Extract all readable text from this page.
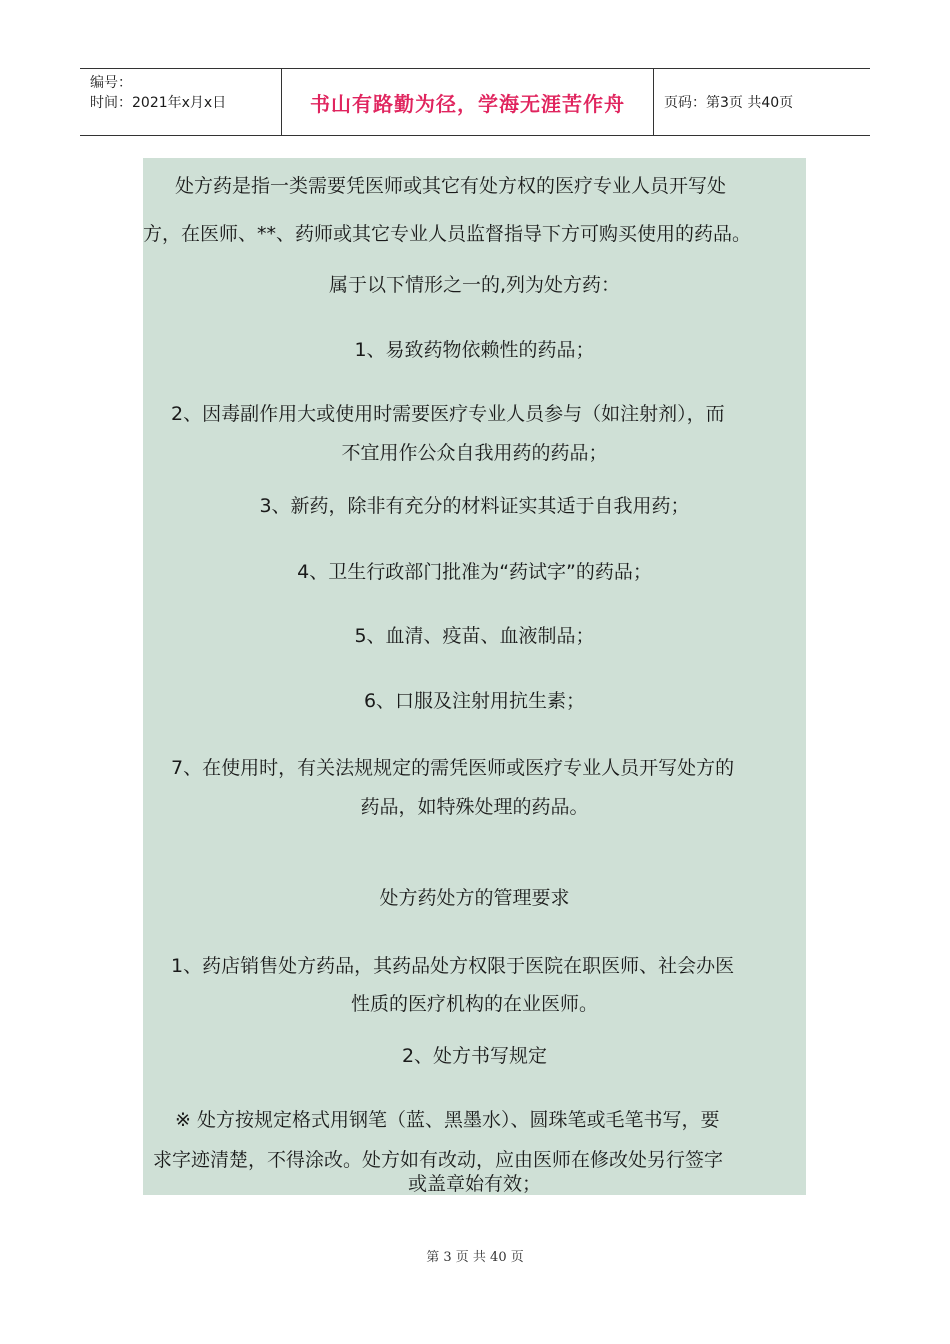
编号：
时间：2021年x月x日	书山有路勤为径，学海无涯苦作舟	页码：第3页 共40页
处方药是指一类需要凭医师或其它有处方权的医疗专业人员开写处
方，在医师、**、药师或其它专业人员监督指导下方可购买使用的药品。
属于以下情形之一的,列为处方药：
1、易致药物依赖性的药品；
2、因毒副作用大或使用时需要医疗专业人员参与（如注射剂），而
不宜用作公众自我用药的药品；
3、新药，除非有充分的材料证实其适于自我用药；
4、卫生行政部门批准为“药试字”的药品；
5、血清、疫苗、血液制品；
6、口服及注射用抗生素；
7、在使用时，有关法规规定的需凭医师或医疗专业人员开写处方的
药品，如特殊处理的药品。
处方药处方的管理要求
1、药店销售处方药品，其药品处方权限于医院在职医师、社会办医
性质的医疗机构的在业医师。
2、处方书写规定
※ 处方按规定格式用钢笔（蓝、黑墨水）、圆珠笔或毛笔书写，要
求字迹清楚，不得涂改。处方如有改动，应由医师在修改处另行签字
或盖章始有效；
第 3 页 共 40 页
